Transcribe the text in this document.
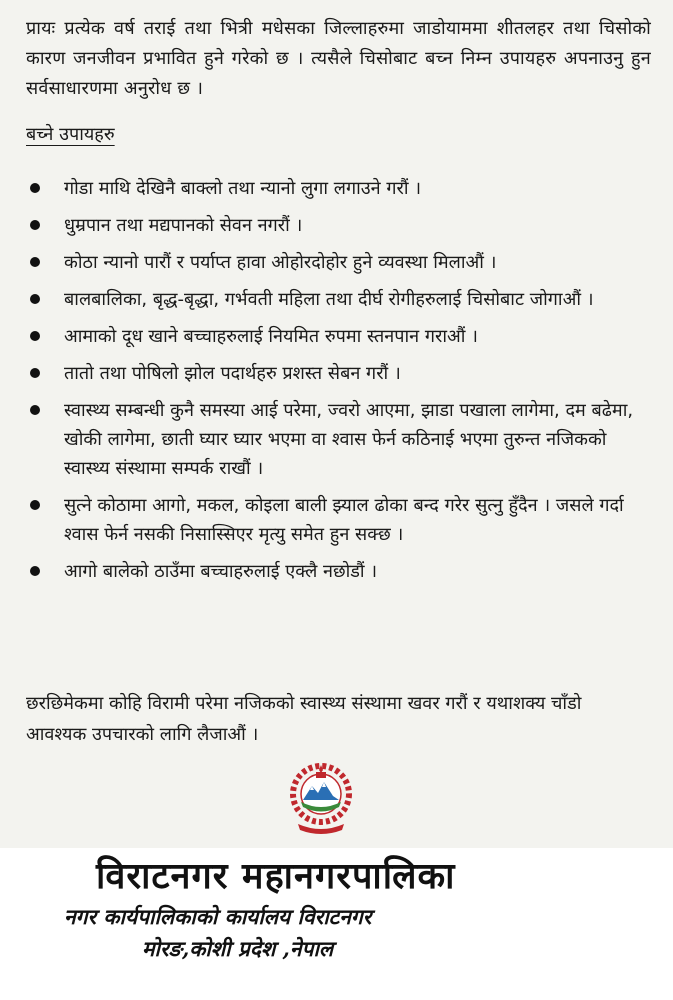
प्रायः प्रत्येक वर्ष तराई तथा भित्री मधेसका जिल्लाहरुमा जाडोयाममा शीतलहर तथा चिसोको कारण जनजीवन प्रभावित हुने गरेको छ । त्यसैले चिसोबाट बच्न निम्न उपायहरु अपनाउनु हुन सर्वसाधारणमा अनुरोध छ ।

बच्ने उपायहरु
गोडा माथि देखिनै बाक्लो तथा न्यानो लुगा लगाउने गरौं ।
धुम्रपान तथा मद्यपानको सेवन नगरौं ।
कोठा न्यानो पारौं र पर्याप्त हावा ओहोरदोहोर हुने व्यवस्था मिलाऔं ।
बालबालिका, बृद्ध-बृद्धा, गर्भवती महिला तथा दीर्घ रोगीहरुलाई चिसोबाट जोगाऔं ।
आमाको दूध खाने बच्चाहरुलाई नियमित रुपमा स्तनपान गराऔं ।
तातो तथा पोषिलो झोल पदार्थहरु प्रशस्त सेबन गरौं ।
स्वास्थ्य सम्बन्धी कुनै समस्या आई परेमा, ज्वरो आएमा, झाडा पखाला लागेमा, दम बढेमा, खोकी लागेमा, छाती घ्यार घ्यार भएमा वा श्वास फेर्न कठिनाई भएमा तुरुन्त नजिकको स्वास्थ्य संस्थामा सम्पर्क राखौं ।
सुत्ने कोठामा आगो, मकल, कोइला बाली झ्याल ढोका बन्द गरेर सुत्नु हुँदैन । जसले गर्दा श्वास फेर्न नसकी निसास्सिएर मृत्यु समेत हुन सक्छ ।
आगो बालेको ठाउँमा बच्चाहरुलाई एक्लै नछोडौं ।

छरछिमेकमा कोहि विरामी परेमा नजिकको स्वास्थ्य संस्थामा खवर गरौं र यथाशक्य चाँडो आवश्यक उपचारको लागि लैजाऔं ।

विराटनगर महानगरपालिका
नगर कार्यपालिकाको कार्यालय विराटनगर
मोरङ,कोशी प्रदेश ,नेपाल
